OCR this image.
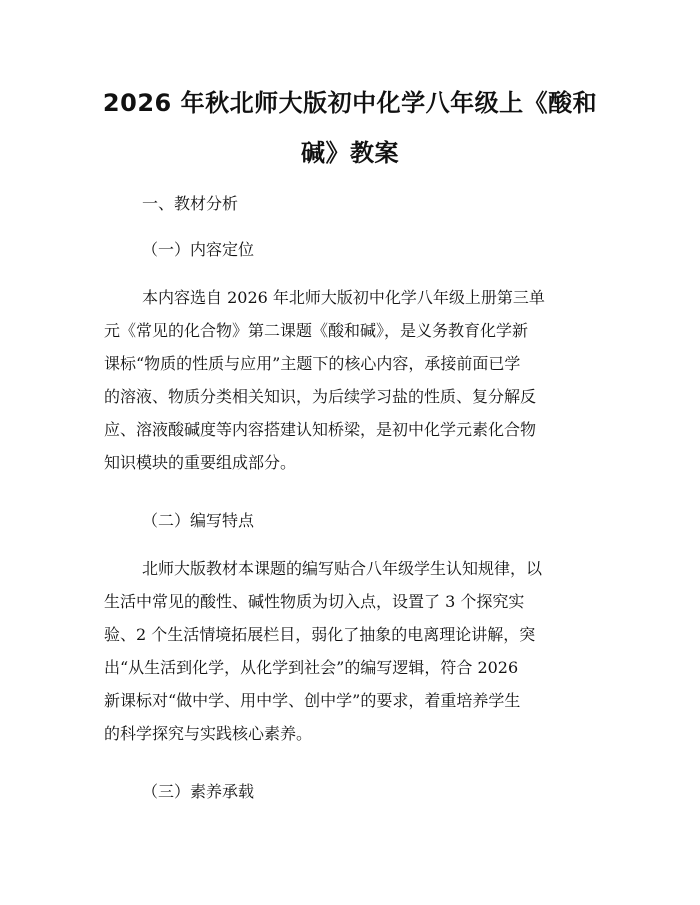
2026 年秋北师大版初中化学八年级上《酸和
碱》教案
一、教材分析
（一）内容定位
本内容选自 2026 年北师大版初中化学八年级上册第三单
元《常见的化合物》第二课题《酸和碱》，是义务教育化学新
课标“物质的性质与应用”主题下的核心内容，承接前面已学
的溶液、物质分类相关知识，为后续学习盐的性质、复分解反
应、溶液酸碱度等内容搭建认知桥梁，是初中化学元素化合物
知识模块的重要组成部分。
（二）编写特点
北师大版教材本课题的编写贴合八年级学生认知规律，以
生活中常见的酸性、碱性物质为切入点，设置了 3 个探究实
验、2 个生活情境拓展栏目，弱化了抽象的电离理论讲解，突
出“从生活到化学，从化学到社会”的编写逻辑，符合 2026
新课标对“做中学、用中学、创中学”的要求，着重培养学生
的科学探究与实践核心素养。
（三）素养承载
